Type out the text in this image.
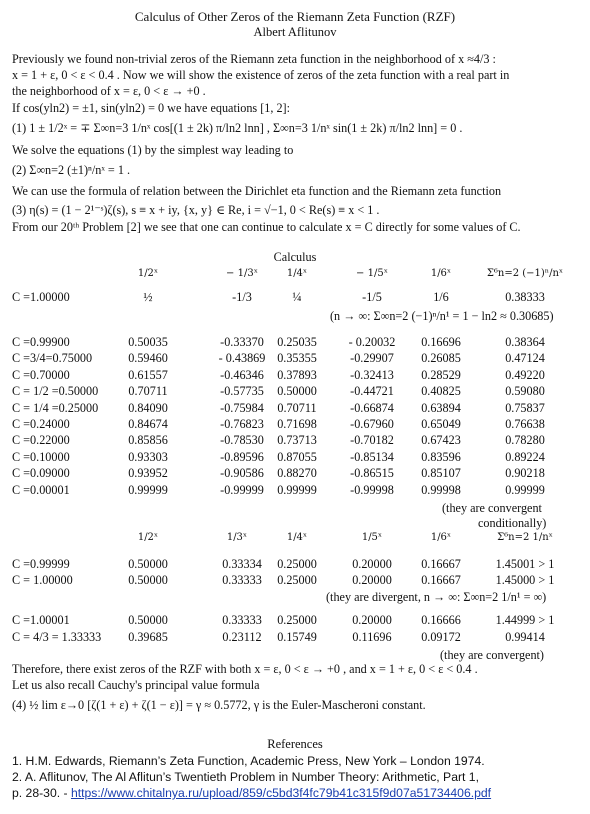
Calculus of Other Zeros of the Riemann Zeta Function (RZF)
Albert Aflitunov

Previously we found non-trivial zeros of the Riemann zeta function in the neighborhood of x ≈4/3 :

x = 1 + ε, 0 < ε < 0.4 . Now we will show the existence of zeros of the zeta function with a real part in

the neighborhood of x = ε, 0 < ε → +0 .

If cos(yln2) = ±1, sin(yln2) = 0 we have equations [1, 2]:

(1) 1 ± 1/2ˣ = ∓ Σ∞n=3 1/nˣ cos[(1 ± 2k) π/ln2 lnn] , Σ∞n=3 1/nˣ sin(1 ± 2k) π/ln2 lnn] = 0 .

We solve the equations (1) by the simplest way leading to

(2) Σ∞n=2 (±1)ⁿ/nˣ = 1 .

We can use the formula of relation between the Dirichlet eta function and the Riemann zeta function

(3) η(s) = (1 − 2¹⁻ˢ)ζ(s), s ≡ x + iy, {x, y} ∈ Re, i = √−1, 0 < Re(s) ≡ x < 1 .

From our 20ᵗʰ Problem [2] we see that one can continue to calculate x = C directly for some values of C.

Calculus
1/2ˣ	− 1/3ˣ	1/4ˣ	− 1/5ˣ	1/6ˣ	Σ⁶n=2 (−1)ⁿ/nˣ
C =1.00000	½	-1/3	¼	-1/5	1/6	0.38333
(n → ∞: Σ∞n=2 (−1)ⁿ/n¹ = 1 − ln2 ≈ 0.30685)
C =0.99900	0.50035	-0.33370	0.25035	- 0.20032	0.16696	0.38364
C =3/4=0.75000	0.59460	- 0.43869 0.35355	-0.29907	0.26085	0.47124
C =0.70000	0.61557	-0.46346	0.37893	-0.32413	0.28529	0.49220
C = 1/2 =0.50000	0.70711	-0.57735	0.50000	-0.44721	0.40825	0.59080
C = 1/4 =0.25000	0.84090	-0.75984	0.70711	-0.66874	0.63894	0.75837
C =0.24000	0.84674	-0.76823	0.71698	-0.67960	0.65049	0.76638
C =0.22000	0.85856	-0.78530	0.73713	-0.70182	0.67423	0.78280
C =0.10000	0.93303	-0.89596	0.87055	-0.85134	0.83596	0.89224
C =0.09000	0.93952	-0.90586	0.88270	-0.86515	0.85107	0.90218
C =0.00001	0.99999	-0.99999	0.99999	-0.99998	0.99998	0.99999
(they are convergent
conditionally)
1/2ˣ	1/3ˣ	1/4ˣ	1/5ˣ	1/6ˣ	Σ⁶n=2 1/nˣ
C =0.99999	0.50000	0.33334	0.25000	0.20000	0.16667	1.45001 > 1
C = 1.00000	0.50000	0.33333	0.25000	0.20000	0.16667	1.45000 > 1
(they are divergent, n → ∞: Σ∞n=2 1/n¹ = ∞)
C =1.00001	0.50000	0.33333	0.25000	0.20000	0.16666	1.44999 > 1
C = 4/3 = 1.33333	0.39685	0.23112	0.15749	0.11696	0.09172	0.99414
(they are convergent)

Therefore, there exist zeros of the RZF with both x = ε, 0 < ε → +0 , and x = 1 + ε, 0 < ε < 0.4 .

Let us also recall Cauchy's principal value formula

(4) ½ lim ε→0 [ζ(1 + ε) + ζ(1 − ε)] = γ ≈ 0.5772, γ is the Euler-Mascheroni constant.

References
1. H.M. Edwards, Riemann’s Zeta Function, Academic Press, New York – London 1974.
2. A. Aflitunov, The Al Aflitun’s Twentieth Problem in Number Theory: Arithmetic, Part 1,
p. 28-30. - https://www.chitalnya.ru/upload/859/c5bd3f4fc79b41c315f9d07a51734406.pdf
